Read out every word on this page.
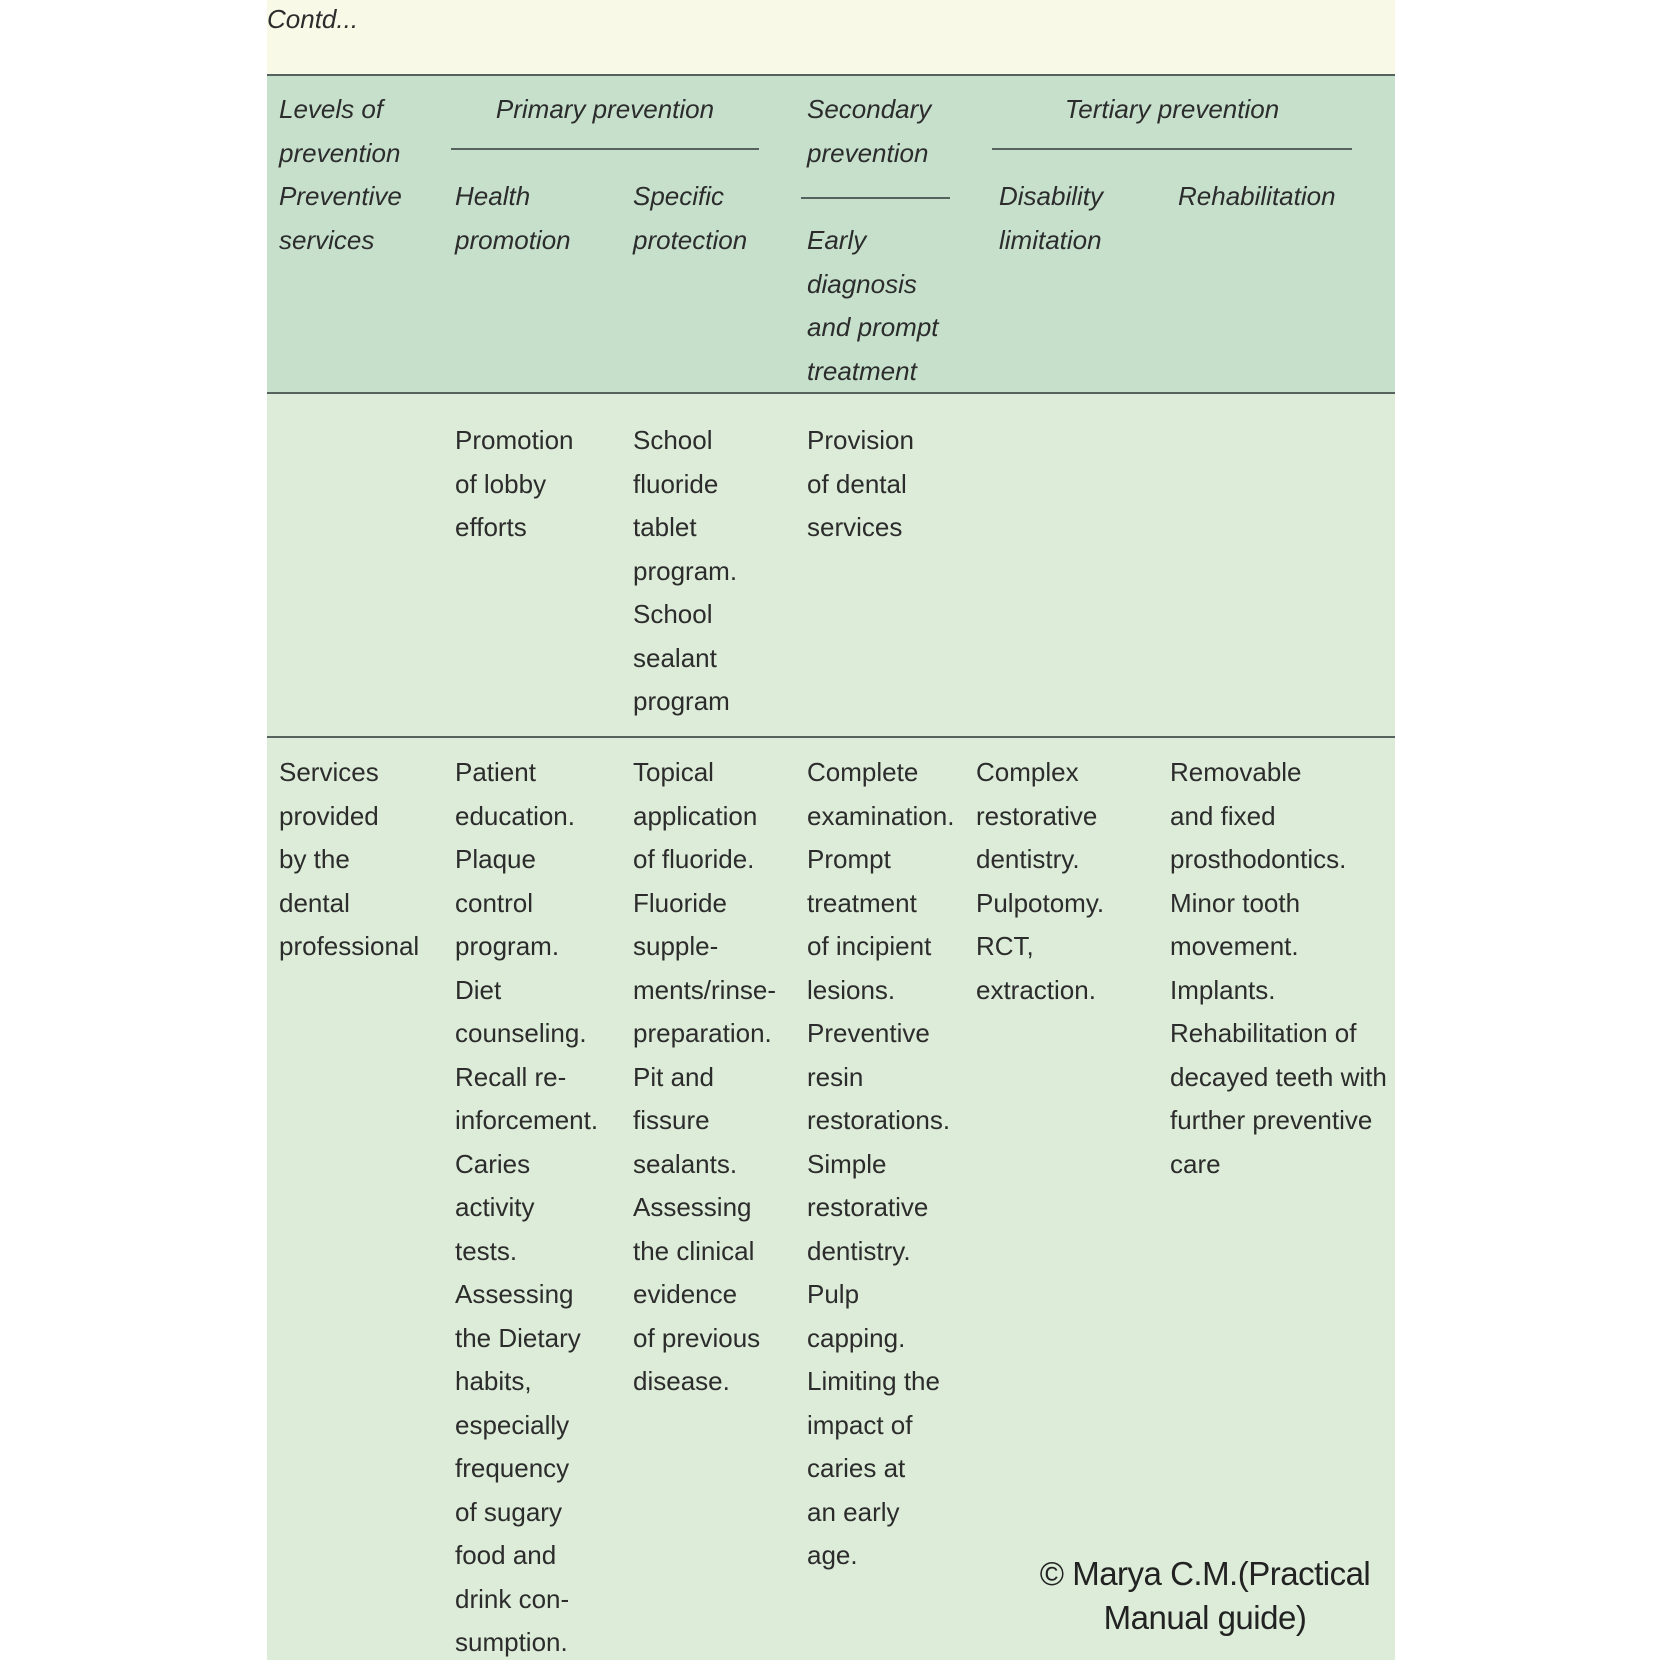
Contd...
Levels of
prevention
Preventive
services
Primary prevention	Secondary
prevention
Tertiary prevention
Health
promotion
Specific
protection Early
diagnosis
and prompt
treatment
Disability
limitation
Rehabilitation
Promotion
of lobby
efforts
School
fluoride
tablet
program.
School
sealant
program
Provision
of dental
services
Services
provided
by the
dental
professional
Patient
education.
Plaque
control
program.
Diet
counseling.
Recall re-
inforcement.
Caries
activity
tests.
Assessing
the Dietary
habits,
especially
frequency
of sugary
food and
drink con-
sumption.
Topical
application
of fluoride.
Fluoride
supple-
ments/rinse-
preparation.
Pit and
fissure
sealants.
Assessing
the clinical
evidence
of previous
disease.
Complete
examination.
Prompt
treatment
of incipient
lesions.
Preventive
resin
restorations.
Simple
restorative
dentistry.
Pulp
capping.
Limiting the
impact of
caries at
an early
age.
Complex
restorative
dentistry.
Pulpotomy.
RCT,
extraction.
Removable
and fixed
prosthodontics.
Minor tooth
movement.
Implants.
Rehabilitation of
decayed teeth with
further preventive
care
© Marya C.M.(Practical
Manual guide)
